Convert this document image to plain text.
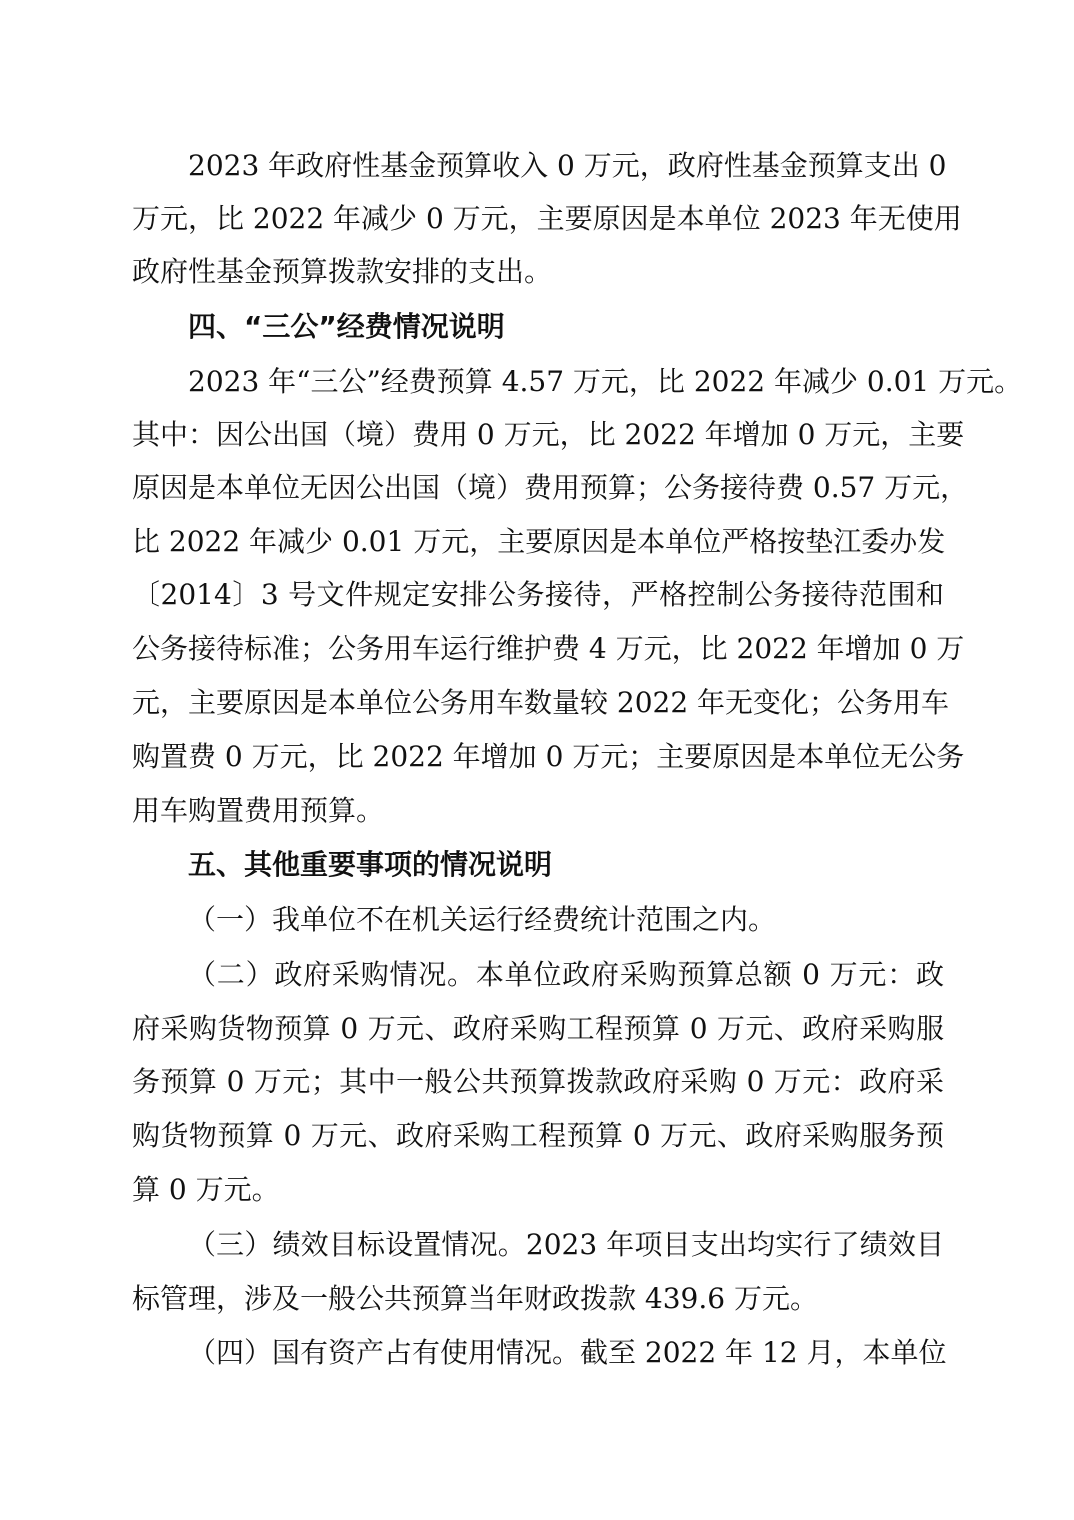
2023 年政府性基金预算收入 0 万元，政府性基金预算支出 0
万元，比 2022 年减少 0 万元，主要原因是本单位 2023 年无使用
政府性基金预算拨款安排的支出。
四、“三公”经费情况说明
2023 年“三公”经费预算 4.57 万元，比 2022 年减少 0.01 万元。
其中：因公出国（境）费用 0 万元，比 2022 年增加 0 万元，主要
原因是本单位无因公出国（境）费用预算；公务接待费 0.57 万元，
比 2022 年减少 0.01 万元，主要原因是本单位严格按垫江委办发
〔2014〕3 号文件规定安排公务接待，严格控制公务接待范围和
公务接待标准；公务用车运行维护费 4 万元，比 2022 年增加 0 万
元，主要原因是本单位公务用车数量较 2022 年无变化；公务用车
购置费 0 万元，比 2022 年增加 0 万元；主要原因是本单位无公务
用车购置费用预算。
五、其他重要事项的情况说明
（一）我单位不在机关运行经费统计范围之内。
（二）政府采购情况。本单位政府采购预算总额 0 万元：政
府采购货物预算 0 万元、政府采购工程预算 0 万元、政府采购服
务预算 0 万元；其中一般公共预算拨款政府采购 0 万元：政府采
购货物预算 0 万元、政府采购工程预算 0 万元、政府采购服务预
算 0 万元。
（三）绩效目标设置情况。2023 年项目支出均实行了绩效目
标管理，涉及一般公共预算当年财政拨款 439.6 万元。
（四）国有资产占有使用情况。截至 2022 年 12 月，本单位
